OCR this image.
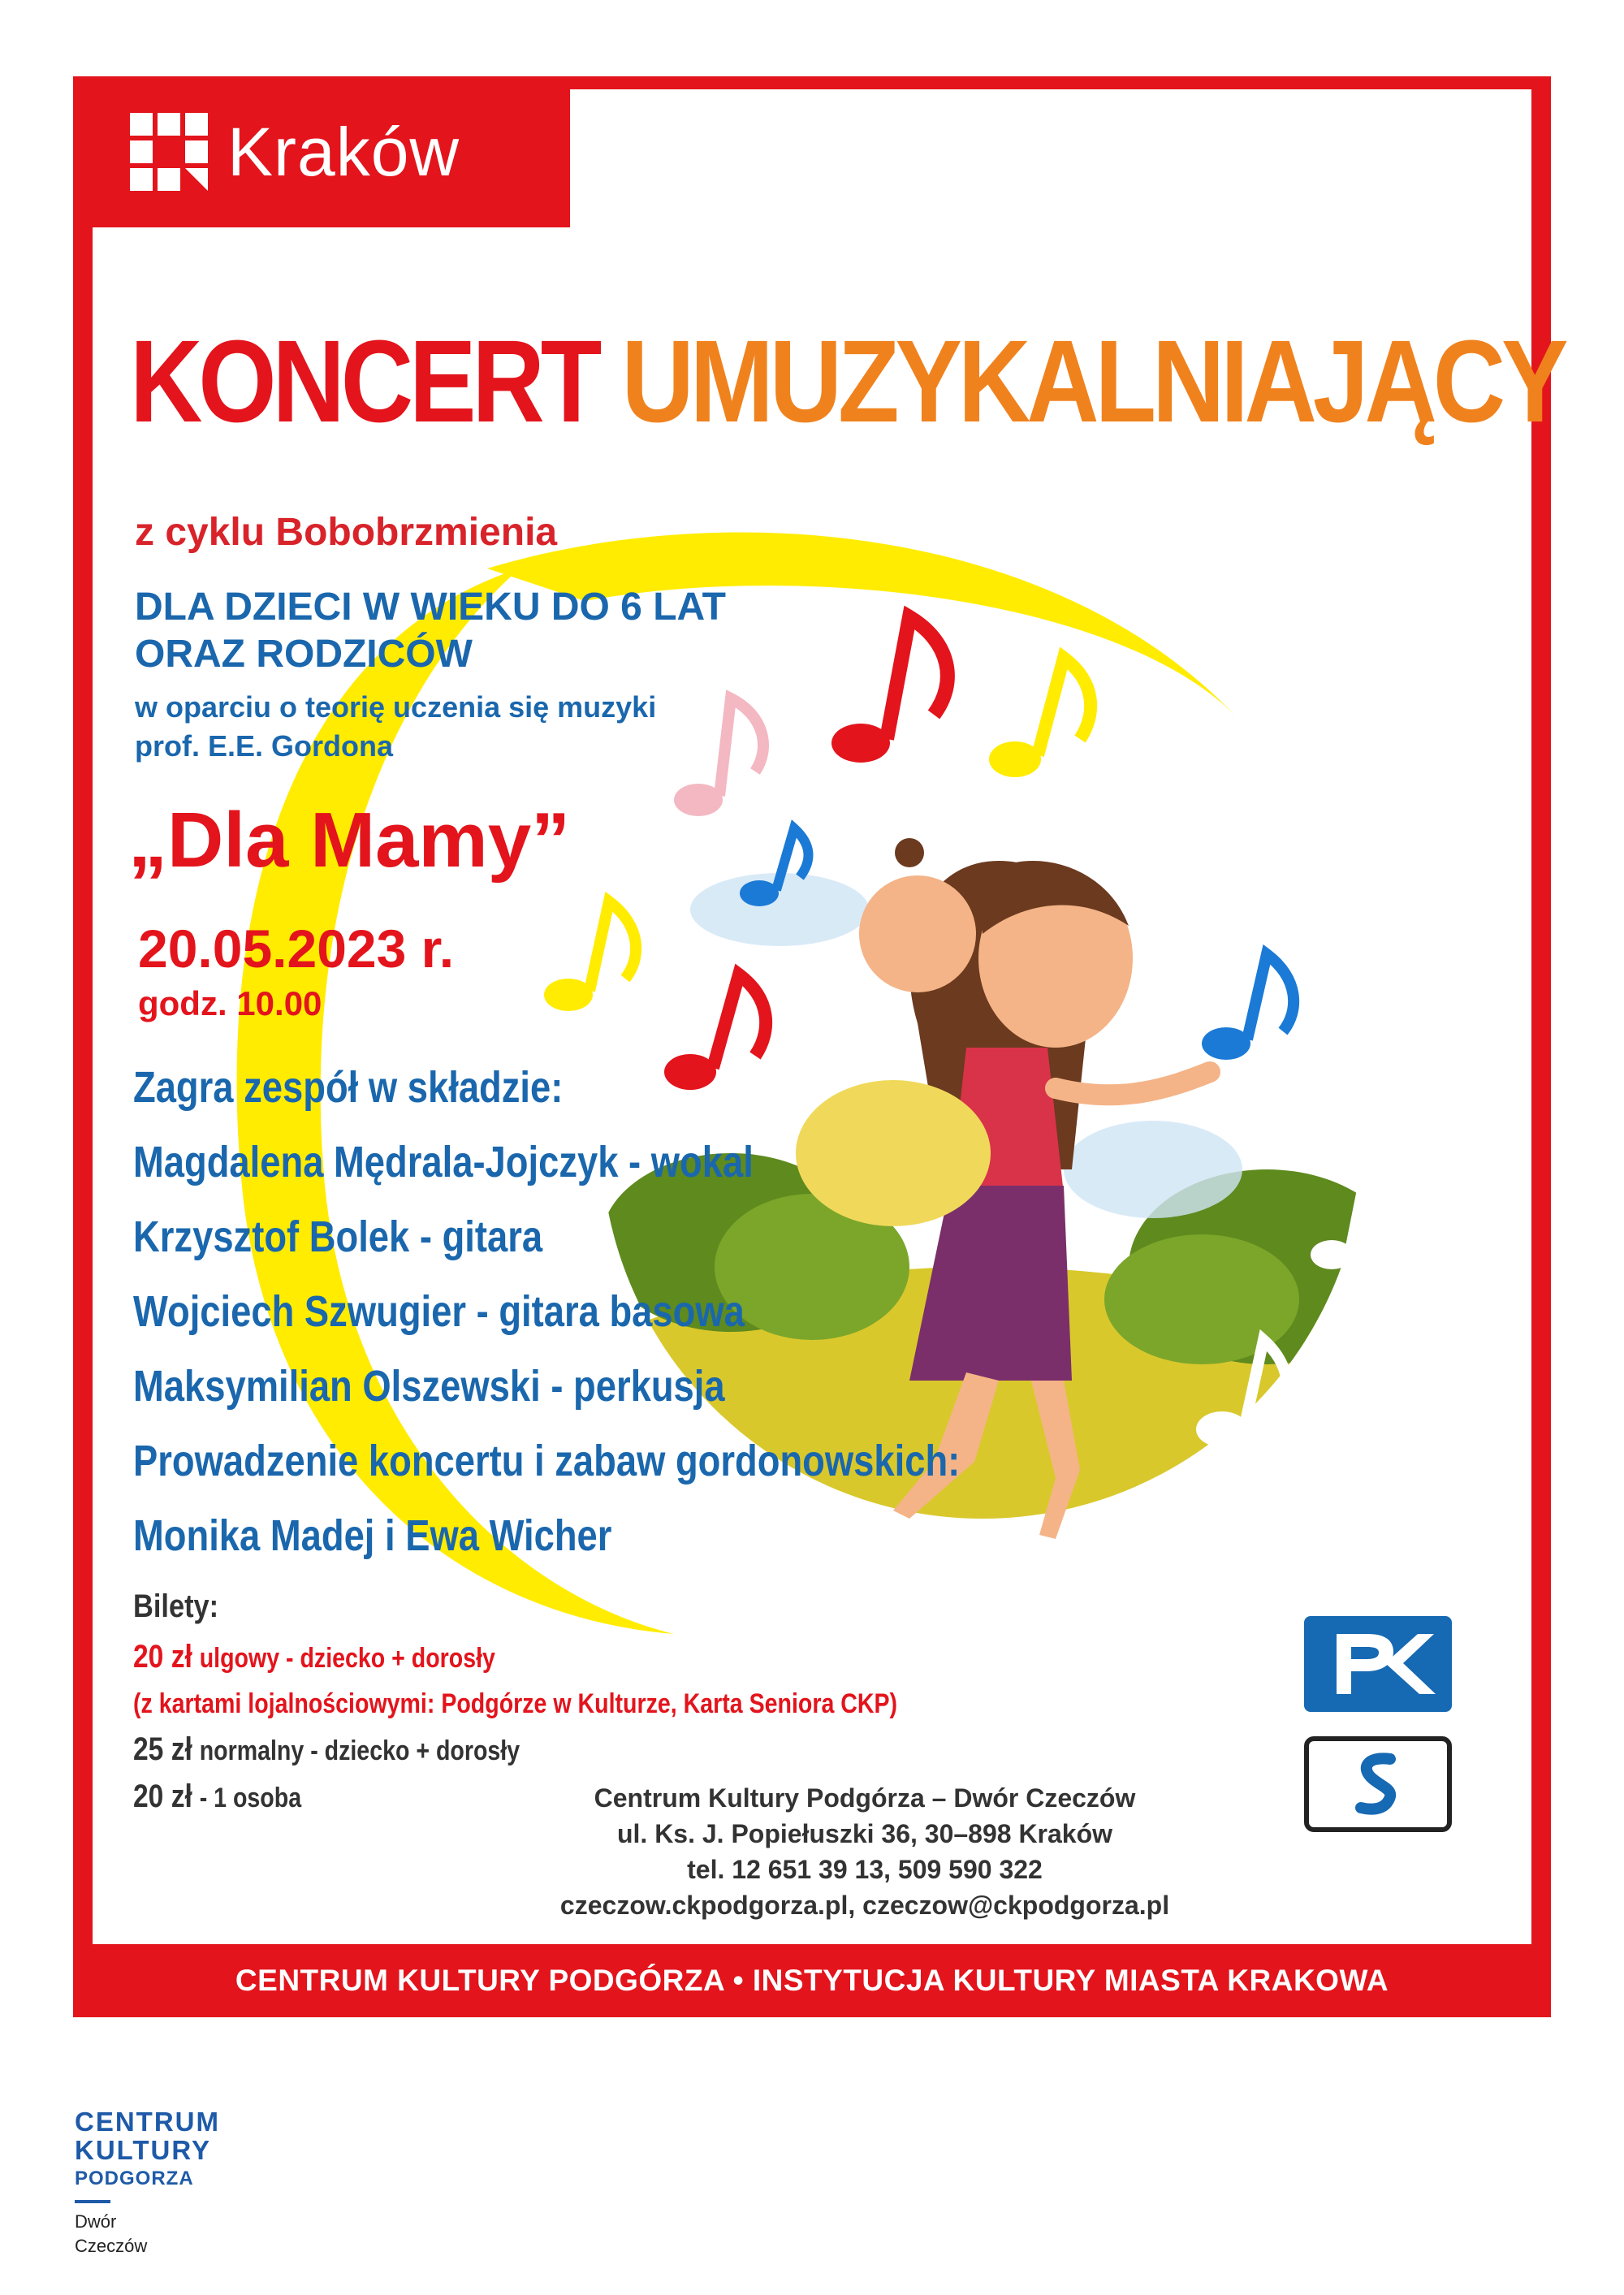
Kraków
KONCERT UMUZYKALNIAJĄCY
z cyklu Bobobrzmienia
DLA DZIECI W WIEKU DO 6 LAT
ORAZ RODZICÓW
w oparciu o teorię uczenia się muzyki
prof. E.E. Gordona
„Dla Mamy”
20.05.2023 r.
godz. 10.00
Zagra zespół w składzie:
Magdalena Mędrala-Jojczyk - wokal
Krzysztof Bolek - gitara
Wojciech Szwugier - gitara basowa
Maksymilian Olszewski - perkusja
Prowadzenie koncertu i zabaw gordonowskich:
Monika Madej i Ewa Wicher
Bilety:
20 zł ulgowy - dziecko + dorosły
(z kartami lojalnościowymi: Podgórze w Kulturze, Karta Seniora CKP)
25 zł normalny - dziecko + dorosły
20 zł - 1 osoba	Centrum Kultury Podgórza – Dwór Czeczów
ul. Ks. J. Popiełuszki 36, 30–898 Kraków
tel. 12 651 39 13, 509 590 322
czeczow.ckpodgorza.pl, czeczow@ckpodgorza.pl
CENTRUM KULTURY PODGÓRZA • INSTYTUCJA KULTURY MIASTA KRAKOWA
CENTRUM
KULTURY
PODGORZA
Dwór
Czeczów
